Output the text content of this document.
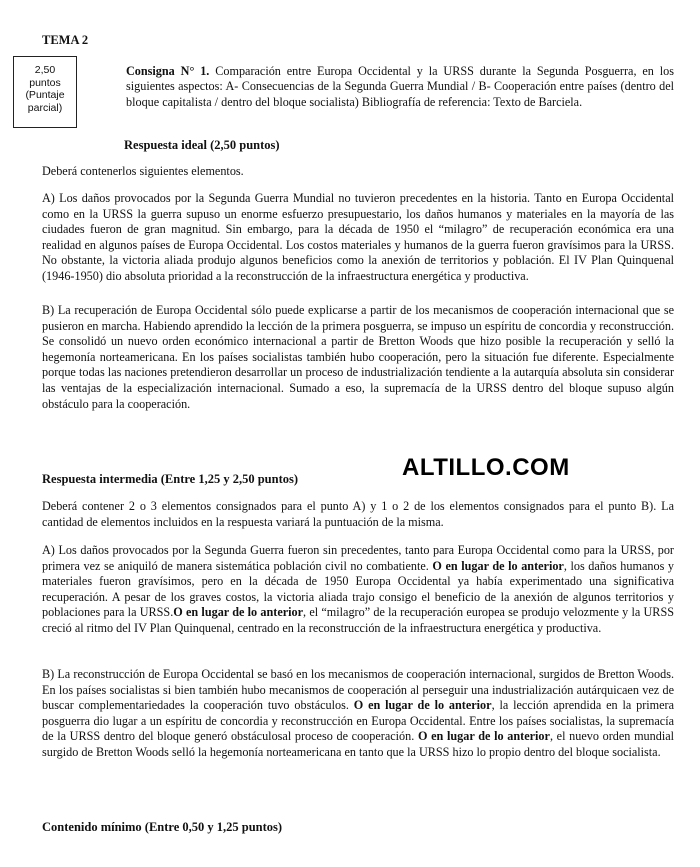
TEMA 2
2,50
puntos
(Puntaje
parcial)
Consigna N° 1. Comparación entre Europa Occidental y la URSS durante la Segunda Posguerra, en los siguientes aspectos: A- Consecuencias de la Segunda Guerra Mundial / B- Cooperación entre países (dentro del bloque capitalista / dentro del bloque socialista) Bibliografía de referencia: Texto de Barciela.
Respuesta ideal (2,50 puntos)
Deberá contenerlos siguientes elementos.
A) Los daños provocados por la Segunda Guerra Mundial no tuvieron precedentes en la historia. Tanto en Europa Occidental como en la URSS la guerra supuso un enorme esfuerzo presupuestario, los daños humanos y materiales en la mayoría de las ciudades fueron de gran magnitud. Sin embargo, para la década de 1950 el “milagro” de recuperación económica era una realidad en algunos países de Europa Occidental. Los costos materiales y humanos de la guerra fueron gravísimos para la URSS. No obstante, la victoria aliada produjo algunos beneficios como la anexión de territorios y población. El IV Plan Quinquenal (1946-1950) dio absoluta prioridad a la reconstrucción de la infraestructura energética y productiva.
B) La recuperación de Europa Occidental sólo puede explicarse a partir de los mecanismos de cooperación internacional que se pusieron en marcha. Habiendo aprendido la lección de la primera posguerra, se impuso un espíritu de concordia y reconstrucción. Se consolidó un nuevo orden económico internacional a partir de Bretton Woods que hizo posible la recuperación y selló la hegemonía norteamericana. En los países socialistas también hubo cooperación, pero la situación fue diferente. Especialmente porque todas las naciones pretendieron desarrollar un proceso de industrialización tendiente a la autarquía absoluta sin considerar las ventajas de la especialización internacional. Sumado a eso, la supremacía de la URSS dentro del bloque supuso algún obstáculo para la cooperación.
ALTILLO.COM
Respuesta intermedia (Entre 1,25 y 2,50 puntos)
Deberá contener 2 o 3 elementos consignados para el punto A) y 1 o 2 de los elementos consignados para el punto B). La cantidad de elementos incluidos en la respuesta variará la puntuación de la misma.
A) Los daños provocados por la Segunda Guerra fueron sin precedentes, tanto para Europa Occidental como para la URSS, por primera vez se aniquiló de manera sistemática población civil no combatiente. O en lugar de lo anterior, los daños humanos y materiales fueron gravísimos, pero en la década de 1950 Europa Occidental ya había experimentado una significativa recuperación. A pesar de los graves costos, la victoria aliada trajo consigo el beneficio de la anexión de algunos territorios y poblaciones para la URSS.O en lugar de lo anterior, el “milagro” de la recuperación europea se produjo velozmente y la URSS creció al ritmo del IV Plan Quinquenal, centrado en la reconstrucción de la infraestructura energética y productiva.
B) La reconstrucción de Europa Occidental se basó en los mecanismos de cooperación internacional, surgidos de Bretton Woods. En los países socialistas si bien también hubo mecanismos de cooperación al perseguir una industrialización autárquicaen vez de buscar complementariedades la cooperación tuvo obstáculos. O en lugar de lo anterior, la lección aprendida en la primera posguerra dio lugar a un espíritu de concordia y reconstrucción en Europa Occidental. Entre los países socialistas, la supremacía de la URSS dentro del bloque generó obstáculosal proceso de cooperación. O en lugar de lo anterior, el nuevo orden mundial surgido de Bretton Woods selló la hegemonía norteamericana en tanto que la URSS hizo lo propio dentro del bloque socialista.
Contenido mínimo (Entre 0,50 y 1,25 puntos)
